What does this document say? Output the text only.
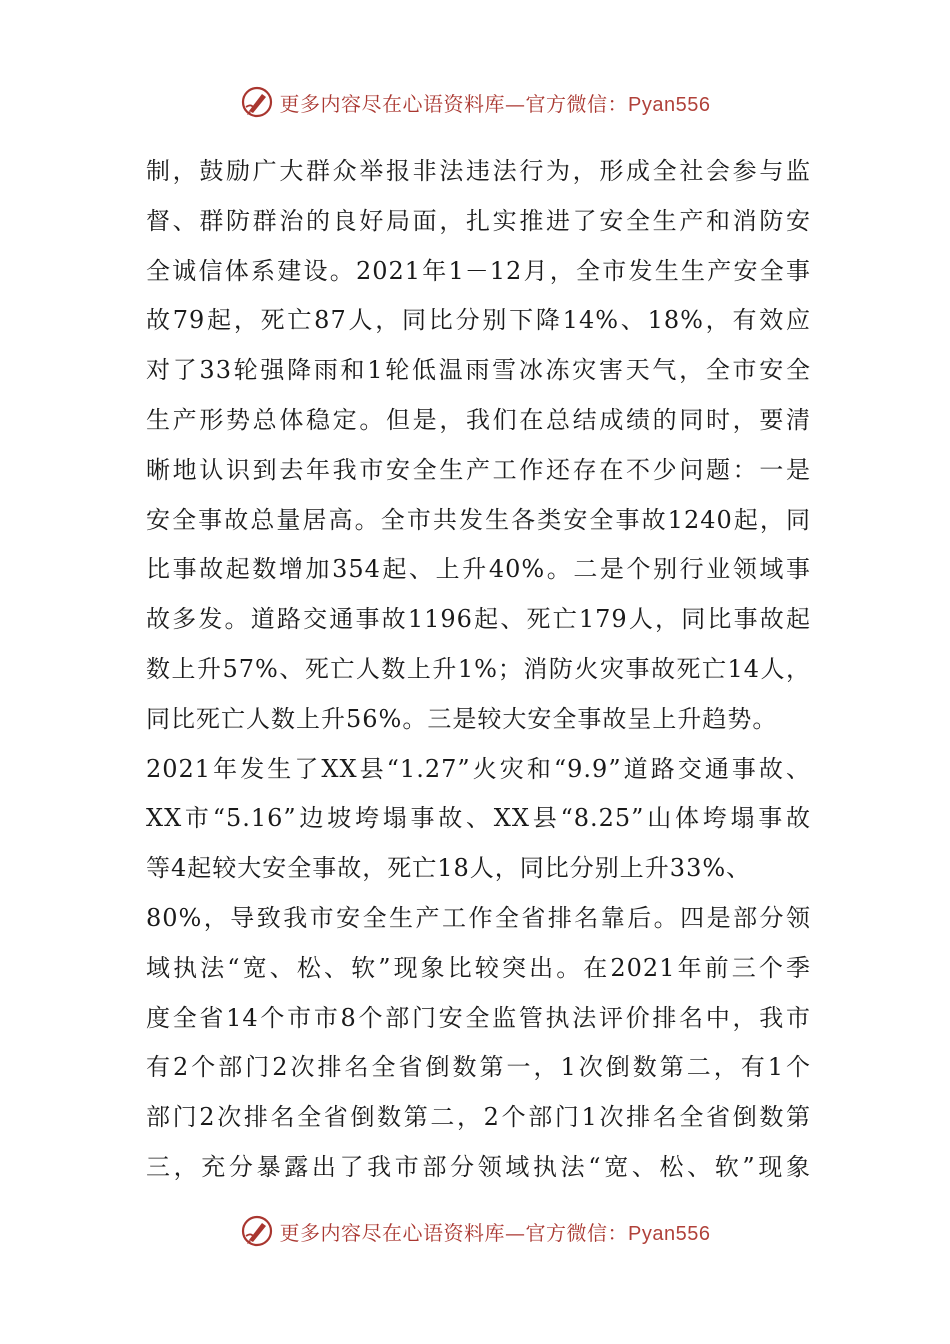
更多内容尽在心语资料库—官方微信：Pyan556
制，鼓励广大群众举报非法违法行为，形成全社会参与监
督、群防群治的良好局面，扎实推进了安全生产和消防安
全诚信体系建设。2021年1－12月，全市发生生产安全事
故79起，死亡87人，同比分别下降14%、18%，有效应
对了33轮强降雨和1轮低温雨雪冰冻灾害天气，全市安全
生产形势总体稳定。但是，我们在总结成绩的同时，要清
晰地认识到去年我市安全生产工作还存在不少问题：一是
安全事故总量居高。全市共发生各类安全事故1240起，同
比事故起数增加354起、上升40%。二是个别行业领域事
故多发。道路交通事故1196起、死亡179人，同比事故起
数上升57%、死亡人数上升1%；消防火灾事故死亡14人，
同比死亡人数上升56%。三是较大安全事故呈上升趋势。
2021年发生了XX县“1.27”火灾和“9.9”道路交通事故、
XX市“5.16”边坡垮塌事故、XX县“8.25”山体垮塌事故
等4起较大安全事故，死亡18人，同比分别上升33%、
80%，导致我市安全生产工作全省排名靠后。四是部分领
域执法“宽、松、软”现象比较突出。在2021年前三个季
度全省14个市市8个部门安全监管执法评价排名中，我市
有2个部门2次排名全省倒数第一，1次倒数第二，有1个
部门2次排名全省倒数第二，2个部门1次排名全省倒数第
三，充分暴露出了我市部分领域执法“宽、松、软”现象
更多内容尽在心语资料库—官方微信：Pyan556
